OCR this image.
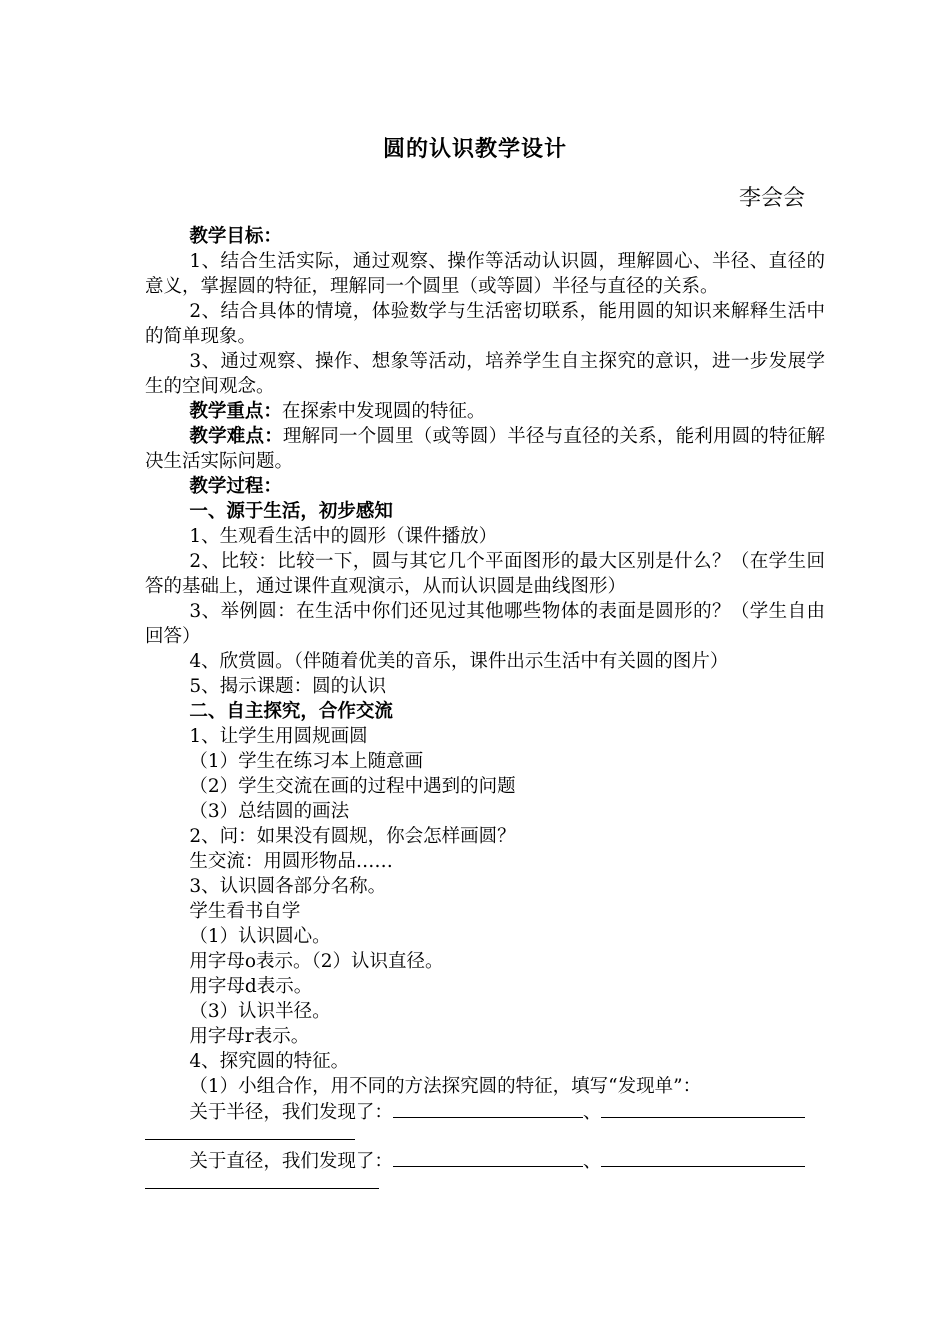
圆的认识教学设计
李会会

教学目标：

1、结合生活实际，通过观察、操作等活动认识圆，理解圆心、半径、直径的意义，掌握圆的特征，理解同一个圆里（或等圆）半径与直径的关系。

2、结合具体的情境，体验数学与生活密切联系，能用圆的知识来解释生活中的简单现象。

3、通过观察、操作、想象等活动，培养学生自主探究的意识，进一步发展学生的空间观念。

教学重点：在探索中发现圆的特征。

教学难点：理解同一个圆里（或等圆）半径与直径的关系，能利用圆的特征解决生活实际问题。

教学过程：

一、源于生活，初步感知

1、生观看生活中的圆形（课件播放）

2、比较：比较一下，圆与其它几个平面图形的最大区别是什么？（在学生回答的基础上，通过课件直观演示，从而认识圆是曲线图形）

3、举例圆：在生活中你们还见过其他哪些物体的表面是圆形的？（学生自由回答）

4、欣赏圆。（伴随着优美的音乐，课件出示生活中有关圆的图片）

5、揭示课题：圆的认识

二、自主探究，合作交流

1、让学生用圆规画圆

（1）学生在练习本上随意画

（2）学生交流在画的过程中遇到的问题

（3）总结圆的画法

2、问：如果没有圆规，你会怎样画圆？

生交流：用圆形物品……

3、认识圆各部分名称。

学生看书自学

（1）认识圆心。

用字母o表示。（2）认识直径。

用字母d表示。

（3）认识半径。

用字母r表示。

4、探究圆的特征。

（1）小组合作，用不同的方法探究圆的特征，填写“发现单”：

关于半径，我们发现了：	、

关于直径，我们发现了：	、
